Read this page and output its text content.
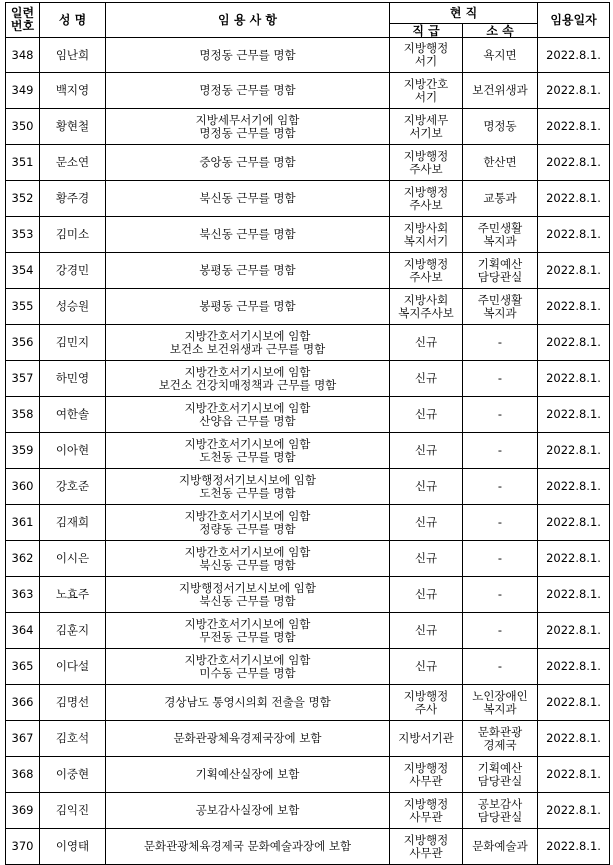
일련
번호	성 명	임 용 사 항	현 직		임용일자
			직 급	소 속	
348	임난희	명정동 근무를 명함	지방행정
서기	욕지면	2022.8.1.
349	백지영	명정동 근무를 명함	지방간호
서기	보건위생과	2022.8.1.
350	황현철	지방세무서기에 임함
명정동 근무를 명함	지방세무
서기보	명정동	2022.8.1.
351	문소연	중앙동 근무를 명함	지방행정
주사보	한산면	2022.8.1.
352	황주경	북신동 근무를 명함	지방행정
주사보	교통과	2022.8.1.
353	김미소	북신동 근무를 명함	지방사회
복지서기	주민생활
복지과	2022.8.1.
354	강경민	봉평동 근무를 명함	지방행정
주사보	기획예산
담당관실	2022.8.1.
355	성승원	봉평동 근무를 명함	지방사회
복지주사보	주민생활
복지과	2022.8.1.
356	김민지	지방간호서기시보에 임함
보건소 보건위생과 근무를 명함	신규	-	2022.8.1.
357	하민영	지방간호서기시보에 임함
보건소 건강치매정책과 근무를 명함	신규	-	2022.8.1.
358	여한솔	지방간호서기시보에 임함
산양읍 근무를 명함	신규	-	2022.8.1.
359	이아현	지방간호서기시보에 임함
도천동 근무를 명함	신규	-	2022.8.1.
360	강호준	지방행정서기보시보에 임함
도천동 근무를 명함	신규	-	2022.8.1.
361	김재희	지방간호서기시보에 임함
정량동 근무를 명함	신규	-	2022.8.1.
362	이시은	지방간호서기시보에 임함
북신동 근무를 명함	신규	-	2022.8.1.
363	노효주	지방행정서기보시보에 임함
북신동 근무를 명함	신규	-	2022.8.1.
364	김훈지	지방간호서기시보에 임함
무전동 근무를 명함	신규	-	2022.8.1.
365	이다설	지방간호서기시보에 임함
미수동 근무를 명함	신규	-	2022.8.1.
366	김명선	경상남도 통영시의회 전출을 명함	지방행정
주사	노인장애인
복지과	2022.8.1.
367	김호석	문화관광체육경제국장에 보함	지방서기관	문화관광
경제국	2022.8.1.
368	이중현	기획예산실장에 보함	지방행정
사무관	기획예산
담당관실	2022.8.1.
369	김익진	공보감사실장에 보함	지방행정
사무관	공보감사
담당관실	2022.8.1.
370	이영태	문화관광체육경제국 문화예술과장에 보함	지방행정
사무관	문화예술과	2022.8.1.
